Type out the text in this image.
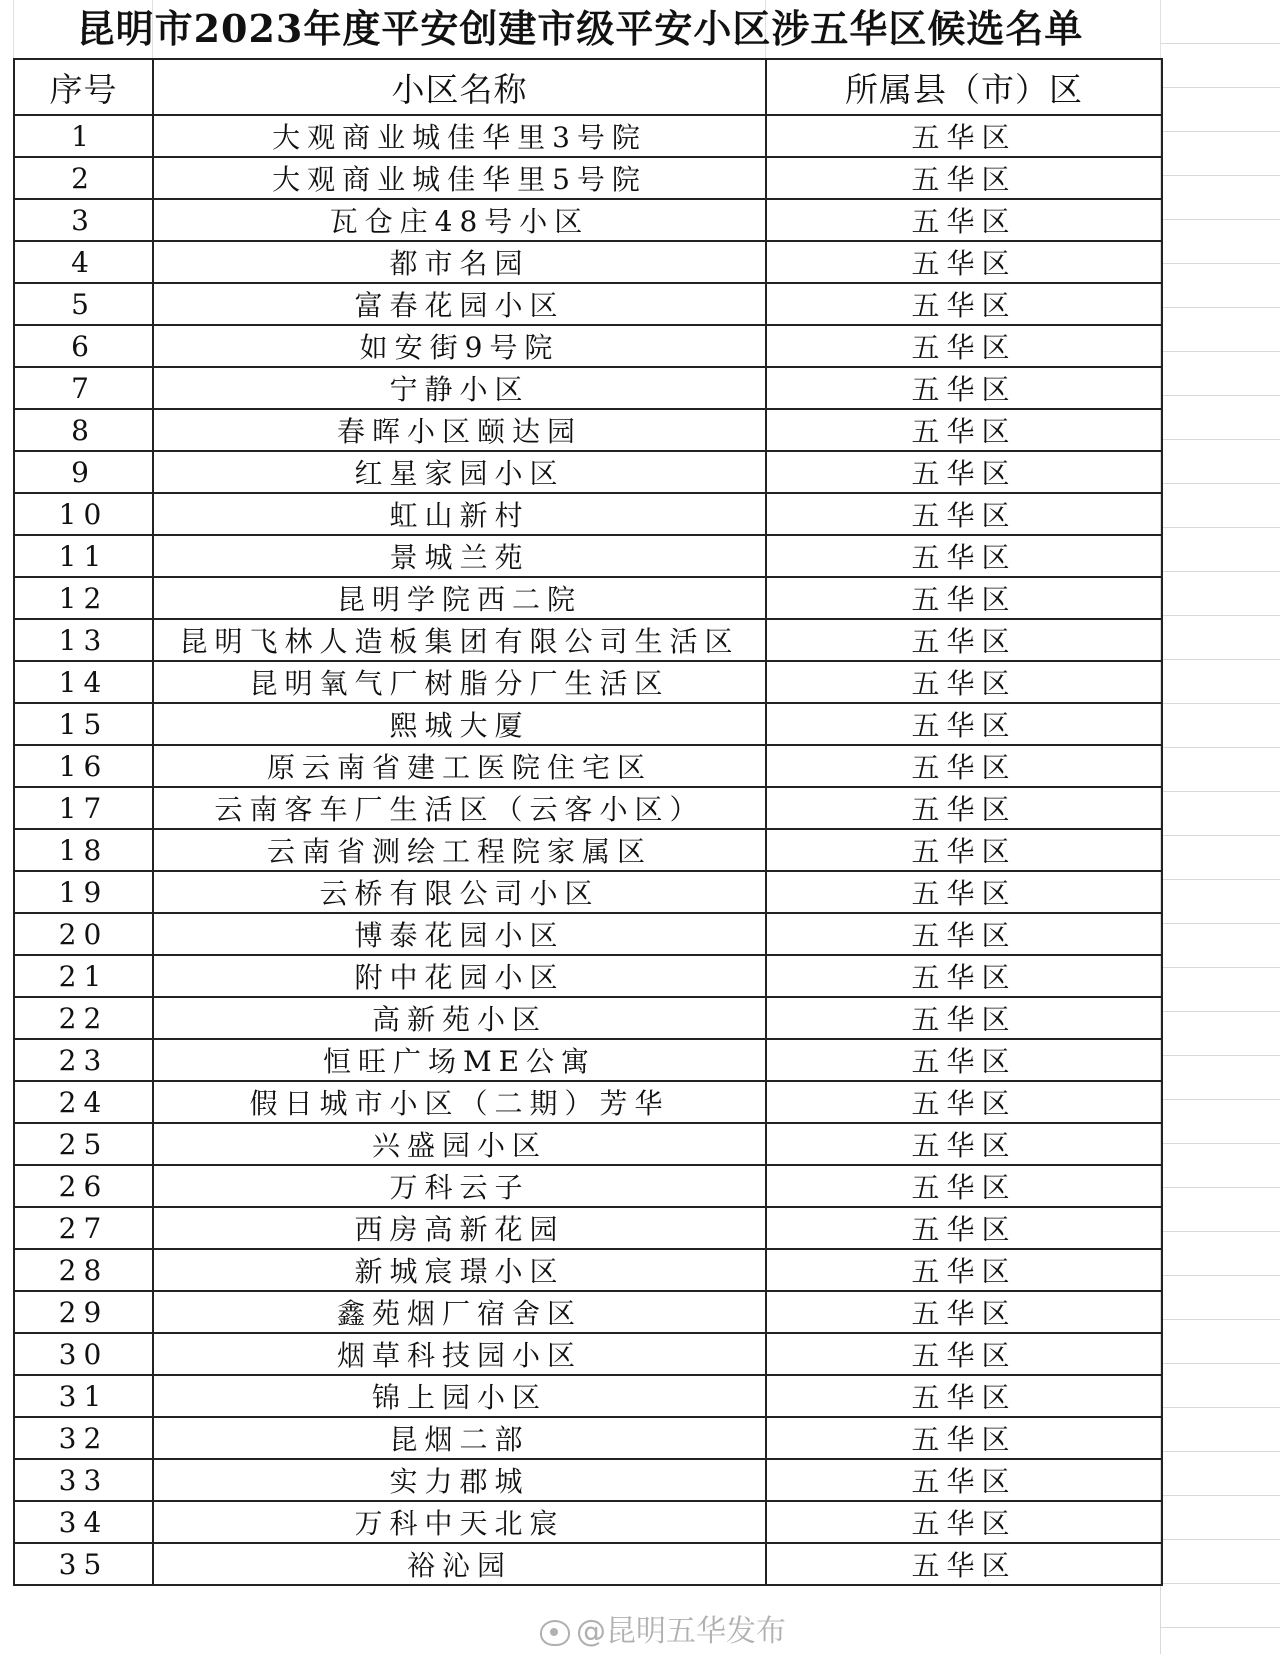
昆明市2023年度平安创建市级平安小区涉五华区候选名单
序号	小区名称	所属县（市）区
1	大观商业城佳华里3号院	五华区
2	大观商业城佳华里5号院	五华区
3	瓦仓庄48号小区	五华区
4	都市名园	五华区
5	富春花园小区	五华区
6	如安街9号院	五华区
7	宁静小区	五华区
8	春晖小区颐达园	五华区
9	红星家园小区	五华区
10	虹山新村	五华区
11	景城兰苑	五华区
12	昆明学院西二院	五华区
13	昆明飞林人造板集团有限公司生活区	五华区
14	昆明氧气厂树脂分厂生活区	五华区
15	熙城大厦	五华区
16	原云南省建工医院住宅区	五华区
17	云南客车厂生活区（云客小区）	五华区
18	云南省测绘工程院家属区	五华区
19	云桥有限公司小区	五华区
20	博泰花园小区	五华区
21	附中花园小区	五华区
22	高新苑小区	五华区
23	恒旺广场ME公寓	五华区
24	假日城市小区（二期）芳华	五华区
25	兴盛园小区	五华区
26	万科云子	五华区
27	西房高新花园	五华区
28	新城宸璟小区	五华区
29	鑫苑烟厂宿舍区	五华区
30	烟草科技园小区	五华区
31	锦上园小区	五华区
32	昆烟二部	五华区
33	实力郡城	五华区
34	万科中天北宸	五华区
35	裕沁园	五华区
@昆明五华发布
